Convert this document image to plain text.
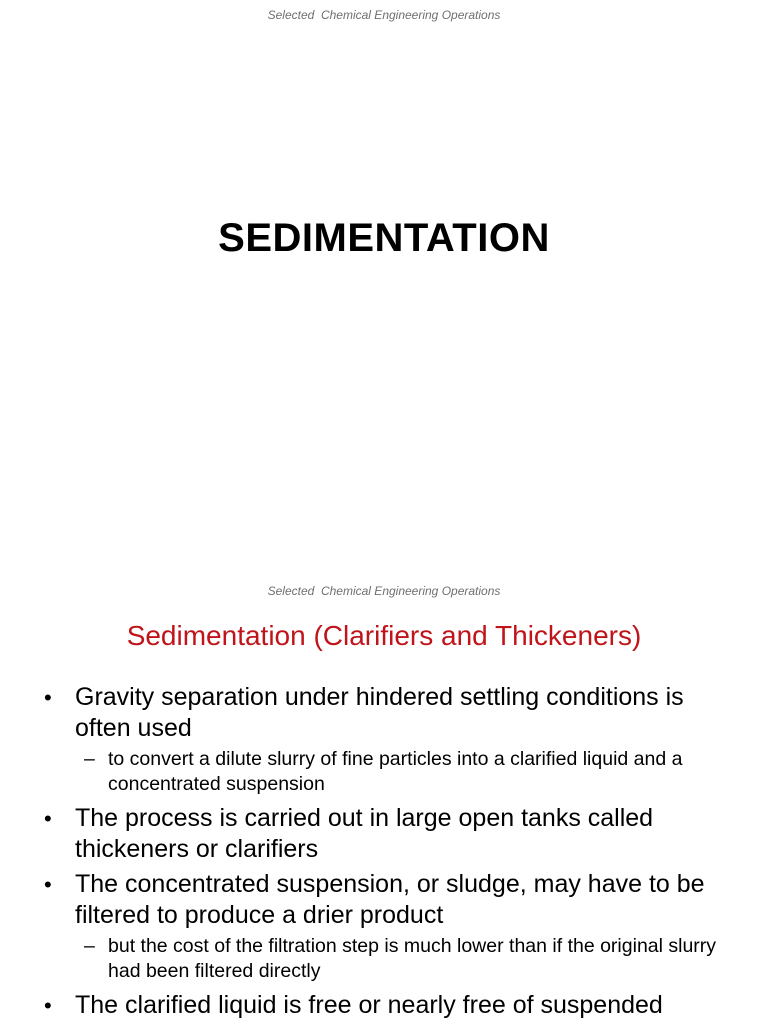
Selected  Chemical Engineering Operations
SEDIMENTATION
Selected  Chemical Engineering Operations
Sedimentation (Clarifiers and Thickeners)
• Gravity separation under hindered settling conditions is often used
– to convert a dilute slurry of fine particles into a clarified liquid and a concentrated suspension
• The process is carried out in large open tanks called thickeners or clarifiers
• The concentrated suspension, or sludge, may have to be filtered to produce a drier product
– but the cost of the filtration step is much lower than if the original slurry had been filtered directly
• The clarified liquid is free or nearly free of suspended
